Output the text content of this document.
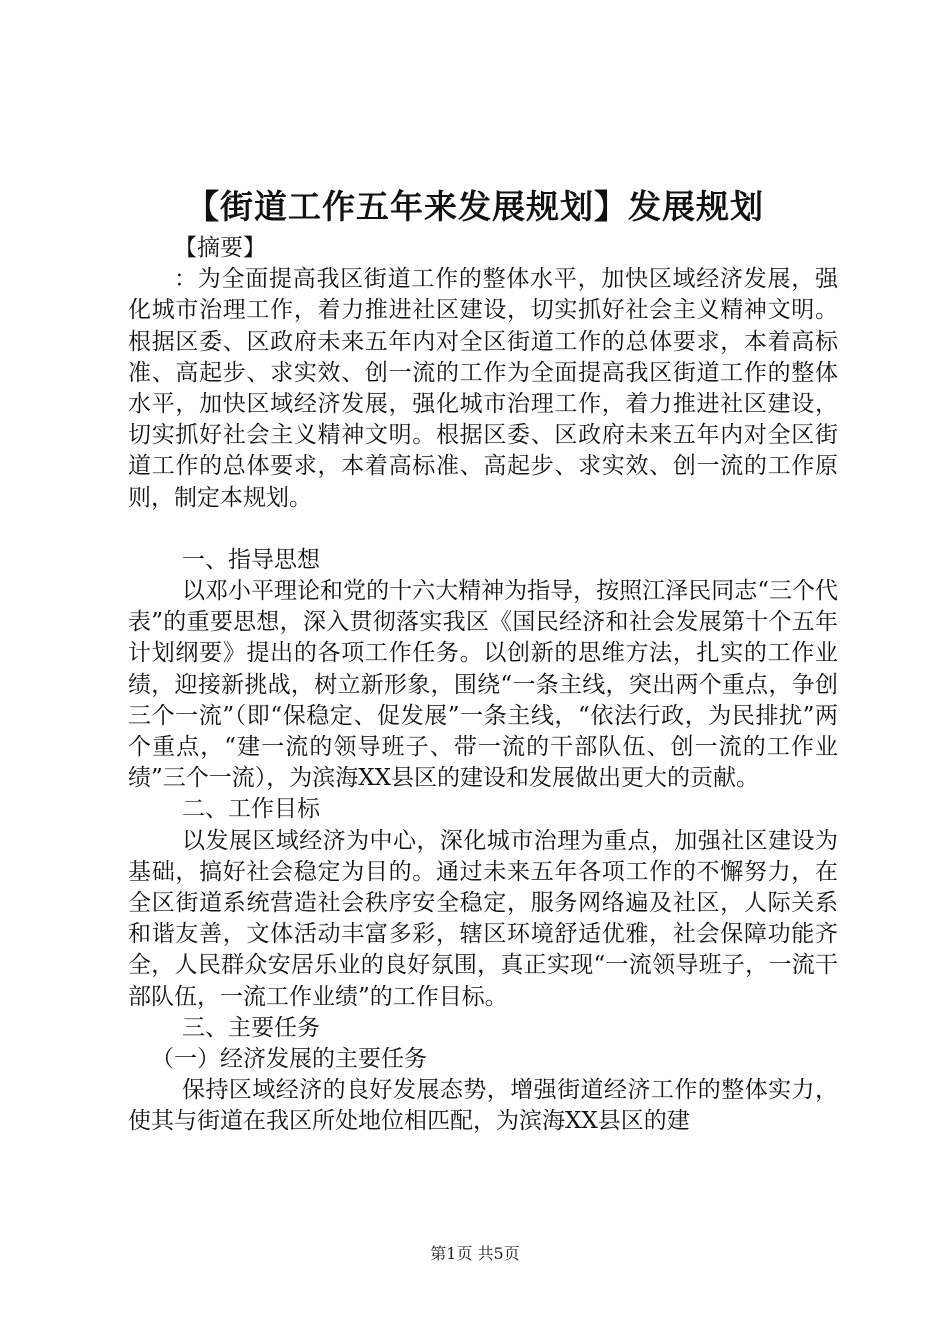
【街道工作五年来发展规划】发展规划

【摘要】

：为全面提高我区街道工作的整体水平，加快区域经济发展，强化城市治理工作，着力推进社区建设，切实抓好社会主义精神文明。根据区委、区政府未来五年内对全区街道工作的总体要求，本着高标准、高起步、求实效、创一流的工作为全面提高我区街道工作的整体水平，加快区域经济发展，强化城市治理工作，着力推进社区建设，切实抓好社会主义精神文明。根据区委、区政府未来五年内对全区街道工作的总体要求，本着高标准、高起步、求实效、创一流的工作原则，制定本规划。

一、指导思想

以邓小平理论和党的十六大精神为指导，按照江泽民同志“三个代表”的重要思想，深入贯彻落实我区《国民经济和社会发展第十个五年计划纲要》提出的各项工作任务。以创新的思维方法，扎实的工作业绩，迎接新挑战，树立新形象，围绕“一条主线，突出两个重点，争创三个一流”（即“保稳定、促发展”一条主线，“依法行政，为民排扰”两个重点，“建一流的领导班子、带一流的干部队伍、创一流的工作业绩”三个一流），为滨海XX县区的建设和发展做出更大的贡献。

二、工作目标

以发展区域经济为中心，深化城市治理为重点，加强社区建设为基础，搞好社会稳定为目的。通过未来五年各项工作的不懈努力，在全区街道系统营造社会秩序安全稳定，服务网络遍及社区，人际关系和谐友善，文体活动丰富多彩，辖区环境舒适优雅，社会保障功能齐全，人民群众安居乐业的良好氛围，真正实现“一流领导班子，一流干部队伍，一流工作业绩”的工作目标。

三、主要任务

（一）经济发展的主要任务

保持区域经济的良好发展态势，增强街道经济工作的整体实力，使其与街道在我区所处地位相匹配，为滨海XX县区的建

第1页 共5页
